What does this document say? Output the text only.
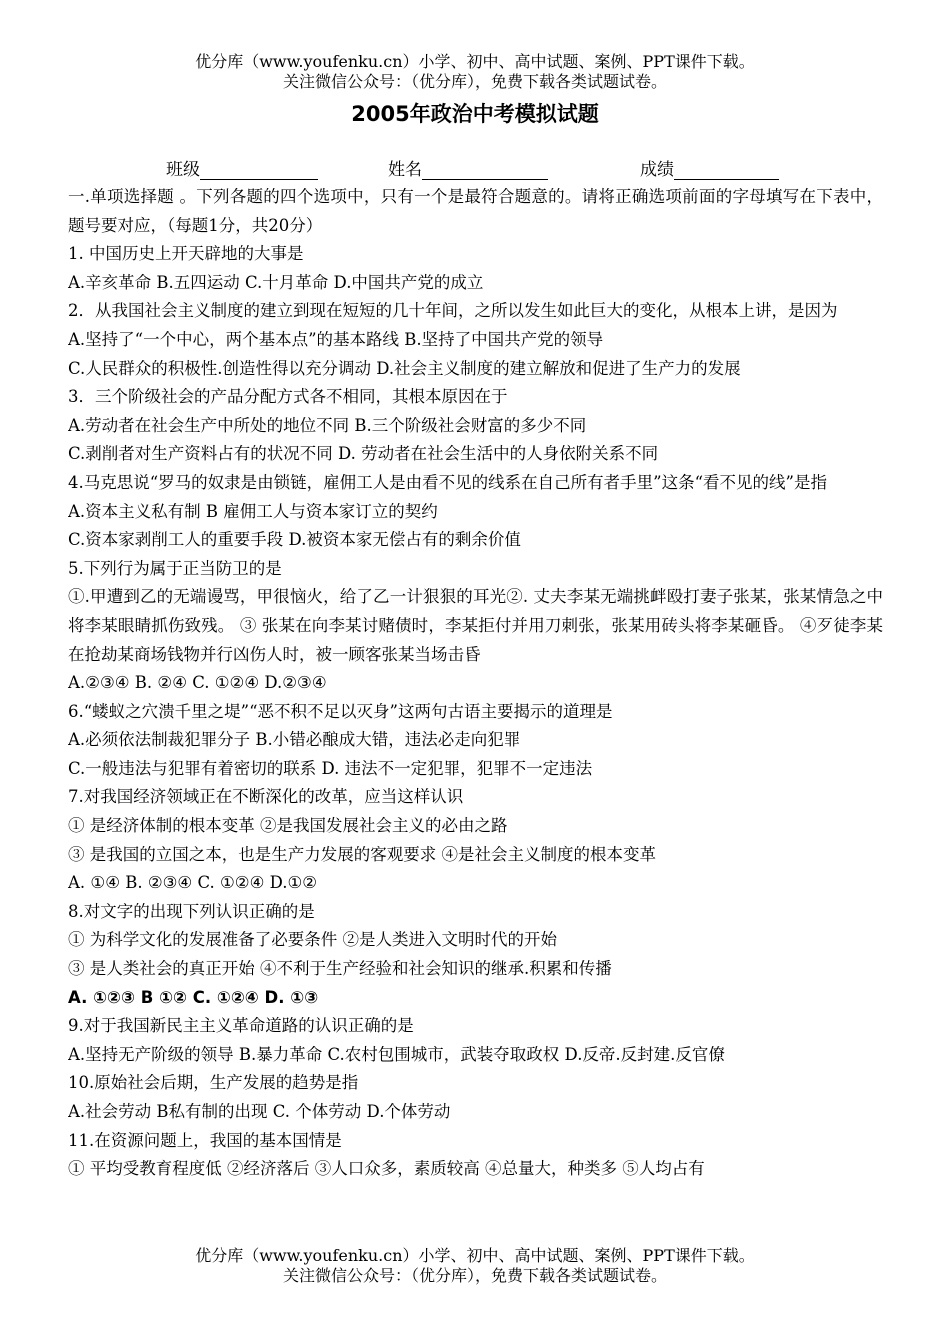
优分库（www.youfenku.cn）小学、初中、高中试题、案例、PPT课件下载。
关注微信公众号：（优分库），免费下载各类试题试卷。
2005年政治中考模拟试题
班级	姓名	成绩
一.单项选择题 。下列各题的四个选项中，只有一个是最符合题意的。请将正确选项前面的字母填写在下表中，题号要对应，（每题1分，共20分）
1. 中国历史上开天辟地的大事是
A.辛亥革命 B.五四运动 C.十月革命 D.中国共产党的成立
2．从我国社会主义制度的建立到现在短短的几十年间，之所以发生如此巨大的变化，从根本上讲，是因为
A.坚持了“一个中心，两个基本点”的基本路线 B.坚持了中国共产党的领导
C.人民群众的积极性.创造性得以充分调动 D.社会主义制度的建立解放和促进了生产力的发展
3．三个阶级社会的产品分配方式各不相同，其根本原因在于
A.劳动者在社会生产中所处的地位不同 B.三个阶级社会财富的多少不同
C.剥削者对生产资料占有的状况不同 D. 劳动者在社会生活中的人身依附关系不同
4.马克思说“罗马的奴隶是由锁链，雇佣工人是由看不见的线系在自己所有者手里”这条“看不见的线”是指
A.资本主义私有制 B 雇佣工人与资本家订立的契约
C.资本家剥削工人的重要手段 D.被资本家无偿占有的剩余价值
5.下列行为属于正当防卫的是
①.甲遭到乙的无端谩骂，甲很恼火，给了乙一计狠狠的耳光②. 丈夫李某无端挑衅殴打妻子张某，张某情急之中将李某眼睛抓伤致残。 ③ 张某在向李某讨赌债时，李某拒付并用刀刺张，张某用砖头将李某砸昏。 ④歹徒李某在抢劫某商场钱物并行凶伤人时，被一顾客张某当场击昏
A.②③④ B. ②④ C. ①②④ D.②③④
6.“蝼蚁之穴溃千里之堤”“恶不积不足以灭身”这两句古语主要揭示的道理是
A.必须依法制裁犯罪分子 B.小错必酿成大错，违法必走向犯罪
C.一般违法与犯罪有着密切的联系 D. 违法不一定犯罪，犯罪不一定违法
7.对我国经济领域正在不断深化的改革，应当这样认识
① 是经济体制的根本变革 ②是我国发展社会主义的必由之路
③ 是我国的立国之本，也是生产力发展的客观要求 ④是社会主义制度的根本变革
A. ①④ B. ②③④ C. ①②④ D.①②
8.对文字的出现下列认识正确的是
① 为科学文化的发展准备了必要条件 ②是人类进入文明时代的开始
③ 是人类社会的真正开始 ④不利于生产经验和社会知识的继承.积累和传播
A. ①②③ B ①② C. ①②④ D. ①③
9.对于我国新民主主义革命道路的认识正确的是
A.坚持无产阶级的领导 B.暴力革命 C.农村包围城市，武装夺取政权 D.反帝.反封建.反官僚
10.原始社会后期，生产发展的趋势是指
A.社会劳动 B私有制的出现 C. 个体劳动 D.个体劳动
11.在资源问题上，我国的基本国情是
① 平均受教育程度低 ②经济落后 ③人口众多，素质较高 ④总量大，种类多 ⑤人均占有
优分库（www.youfenku.cn）小学、初中、高中试题、案例、PPT课件下载。
关注微信公众号：（优分库），免费下载各类试题试卷。
